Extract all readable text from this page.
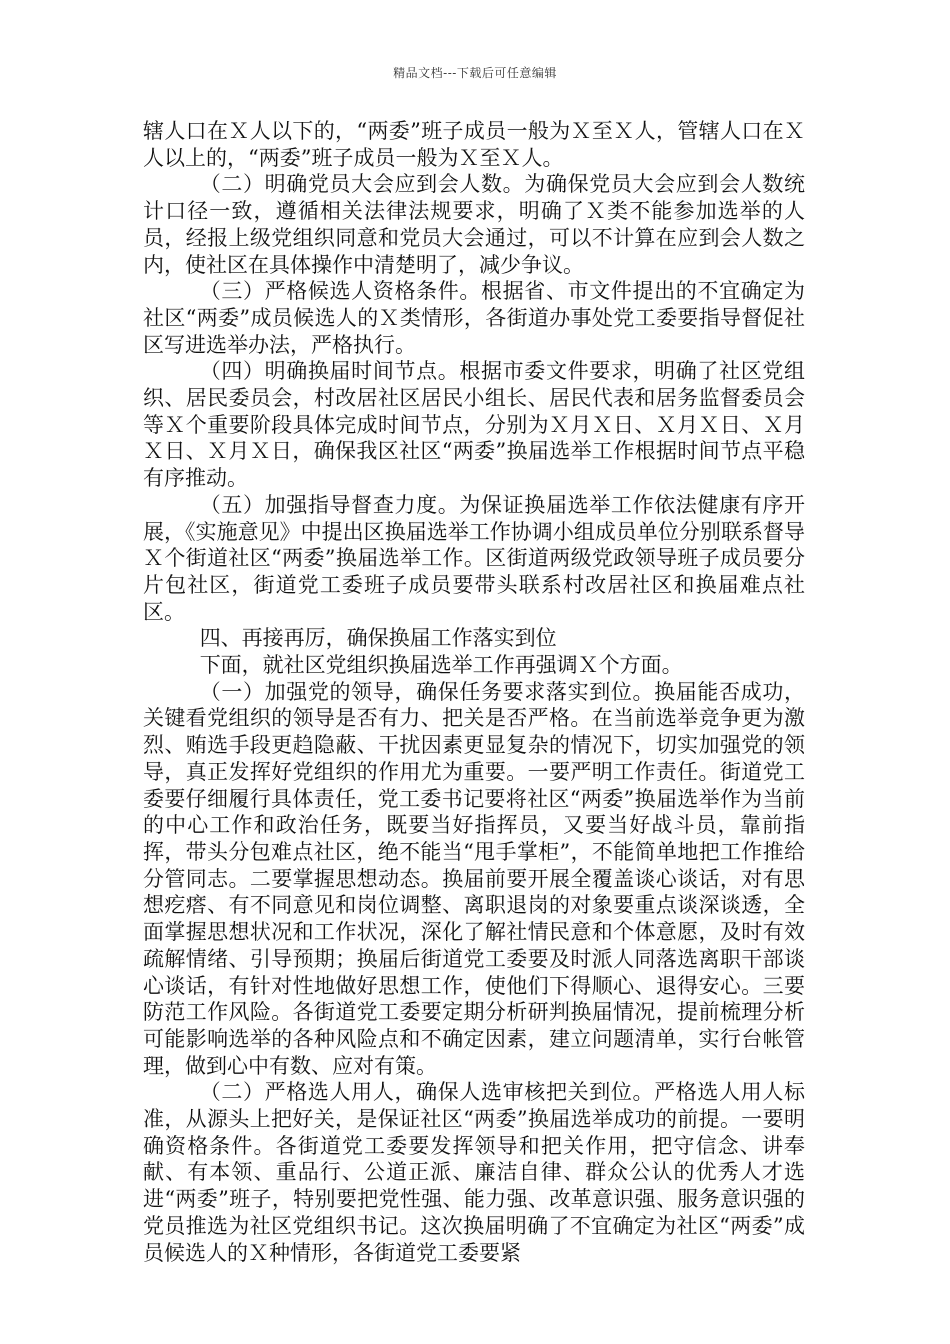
精品文档---下载后可任意编辑

辖人口在Ｘ人以下的，“两委”班子成员一般为Ｘ至Ｘ人，管辖人口在Ｘ人以上的，“两委”班子成员一般为Ｘ至Ｘ人。

（二）明确党员大会应到会人数。为确保党员大会应到会人数统计口径一致，遵循相关法律法规要求，明确了Ｘ类不能参加选举的人员，经报上级党组织同意和党员大会通过，可以不计算在应到会人数之内，使社区在具体操作中清楚明了，减少争议。

（三）严格候选人资格条件。根据省、市文件提出的不宜确定为社区“两委”成员候选人的Ｘ类情形，各街道办事处党工委要指导督促社区写进选举办法，严格执行。

（四）明确换届时间节点。根据市委文件要求，明确了社区党组织、居民委员会，村改居社区居民小组长、居民代表和居务监督委员会等Ｘ个重要阶段具体完成时间节点，分别为Ｘ月Ｘ日、Ｘ月Ｘ日、Ｘ月Ｘ日、Ｘ月Ｘ日，确保我区社区“两委”换届选举工作根据时间节点平稳有序推动。

（五）加强指导督查力度。为保证换届选举工作依法健康有序开展，《实施意见》中提出区换届选举工作协调小组成员单位分别联系督导Ｘ个街道社区“两委”换届选举工作。区街道两级党政领导班子成员要分片包社区，街道党工委班子成员要带头联系村改居社区和换届难点社区。

四、再接再厉，确保换届工作落实到位

下面，就社区党组织换届选举工作再强调Ｘ个方面。

（一）加强党的领导，确保任务要求落实到位。换届能否成功，关键看党组织的领导是否有力、把关是否严格。在当前选举竞争更为激烈、贿选手段更趋隐蔽、干扰因素更显复杂的情况下，切实加强党的领导，真正发挥好党组织的作用尤为重要。一要严明工作责任。街道党工委要仔细履行具体责任，党工委书记要将社区“两委”换届选举作为当前的中心工作和政治任务，既要当好指挥员，又要当好战斗员，靠前指挥，带头分包难点社区，绝不能当“甩手掌柜”，不能简单地把工作推给分管同志。二要掌握思想动态。换届前要开展全覆盖谈心谈话，对有思想疙瘩、有不同意见和岗位调整、离职退岗的对象要重点谈深谈透，全面掌握思想状况和工作状况，深化了解社情民意和个体意愿，及时有效疏解情绪、引导预期；换届后街道党工委要及时派人同落选离职干部谈心谈话，有针对性地做好思想工作，使他们下得顺心、退得安心。三要防范工作风险。各街道党工委要定期分析研判换届情况，提前梳理分析可能影响选举的各种风险点和不确定因素，建立问题清单，实行台帐管理，做到心中有数、应对有策。

（二）严格选人用人，确保人选审核把关到位。严格选人用人标准，从源头上把好关，是保证社区“两委”换届选举成功的前提。一要明确资格条件。各街道党工委要发挥领导和把关作用，把守信念、讲奉献、有本领、重品行、公道正派、廉洁自律、群众公认的优秀人才选进“两委”班子，特别要把党性强、能力强、改革意识强、服务意识强的党员推选为社区党组织书记。这次换届明确了不宜确定为社区“两委”成员候选人的Ｘ种情形，各街道党工委要紧
